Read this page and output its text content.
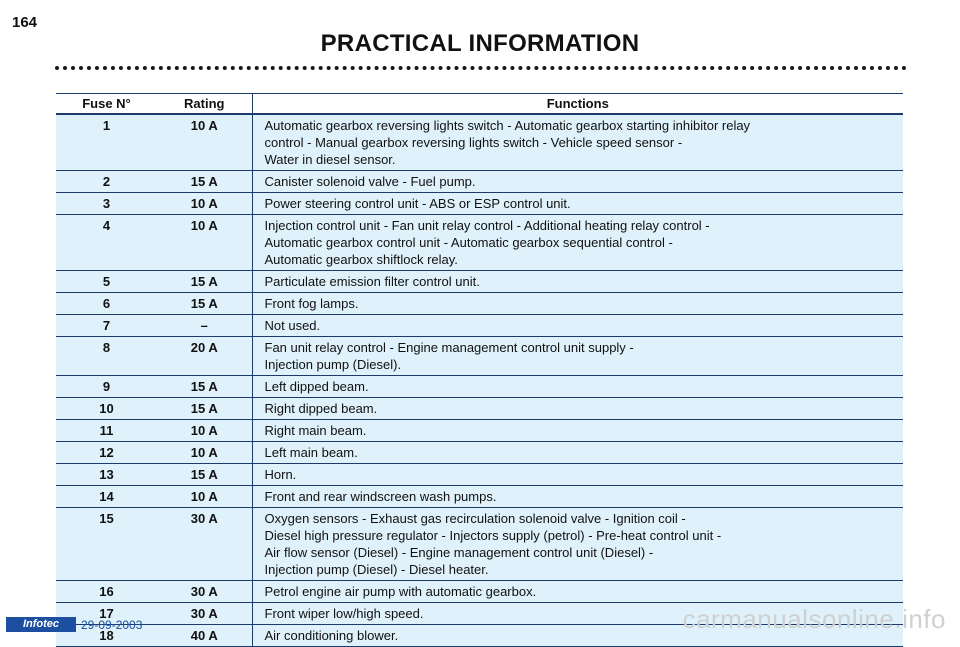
164
PRACTICAL INFORMATION
Fuse N°	Rating	Functions
1	10 A	Automatic gearbox reversing lights switch - Automatic gearbox starting inhibitor relay
control - Manual gearbox reversing lights switch - Vehicle speed sensor -
Water in diesel sensor.

2	15 A	Canister solenoid valve - Fuel pump.

3	10 A	Power steering control unit - ABS or ESP control unit.

4	10 A	Injection control unit - Fan unit relay control - Additional heating relay control -
Automatic gearbox control unit - Automatic gearbox sequential control -
Automatic gearbox shiftlock relay.

5	15 A	Particulate emission filter control unit.

6	15 A	Front fog lamps.

7	–	Not used.

8	20 A	Fan unit relay control - Engine management control unit supply -
Injection pump (Diesel).

9	15 A	Left dipped beam.

10	15 A	Right dipped beam.

11	10 A	Right main beam.

12	10 A	Left main beam.

13	15 A	Horn.

14	10 A	Front and rear windscreen wash pumps.

15	30 A	Oxygen sensors - Exhaust gas recirculation solenoid valve - Ignition coil -
Diesel high pressure regulator - Injectors supply (petrol) - Pre-heat control unit -
Air flow sensor (Diesel) - Engine management control unit (Diesel) -
Injection pump (Diesel) - Diesel heater.

16	30 A	Petrol engine air pump with automatic gearbox.

17	30 A	Front wiper low/high speed.

18	40 A	Air conditioning blower.
Infotec	29-09-2003	carmanualsonline.info
